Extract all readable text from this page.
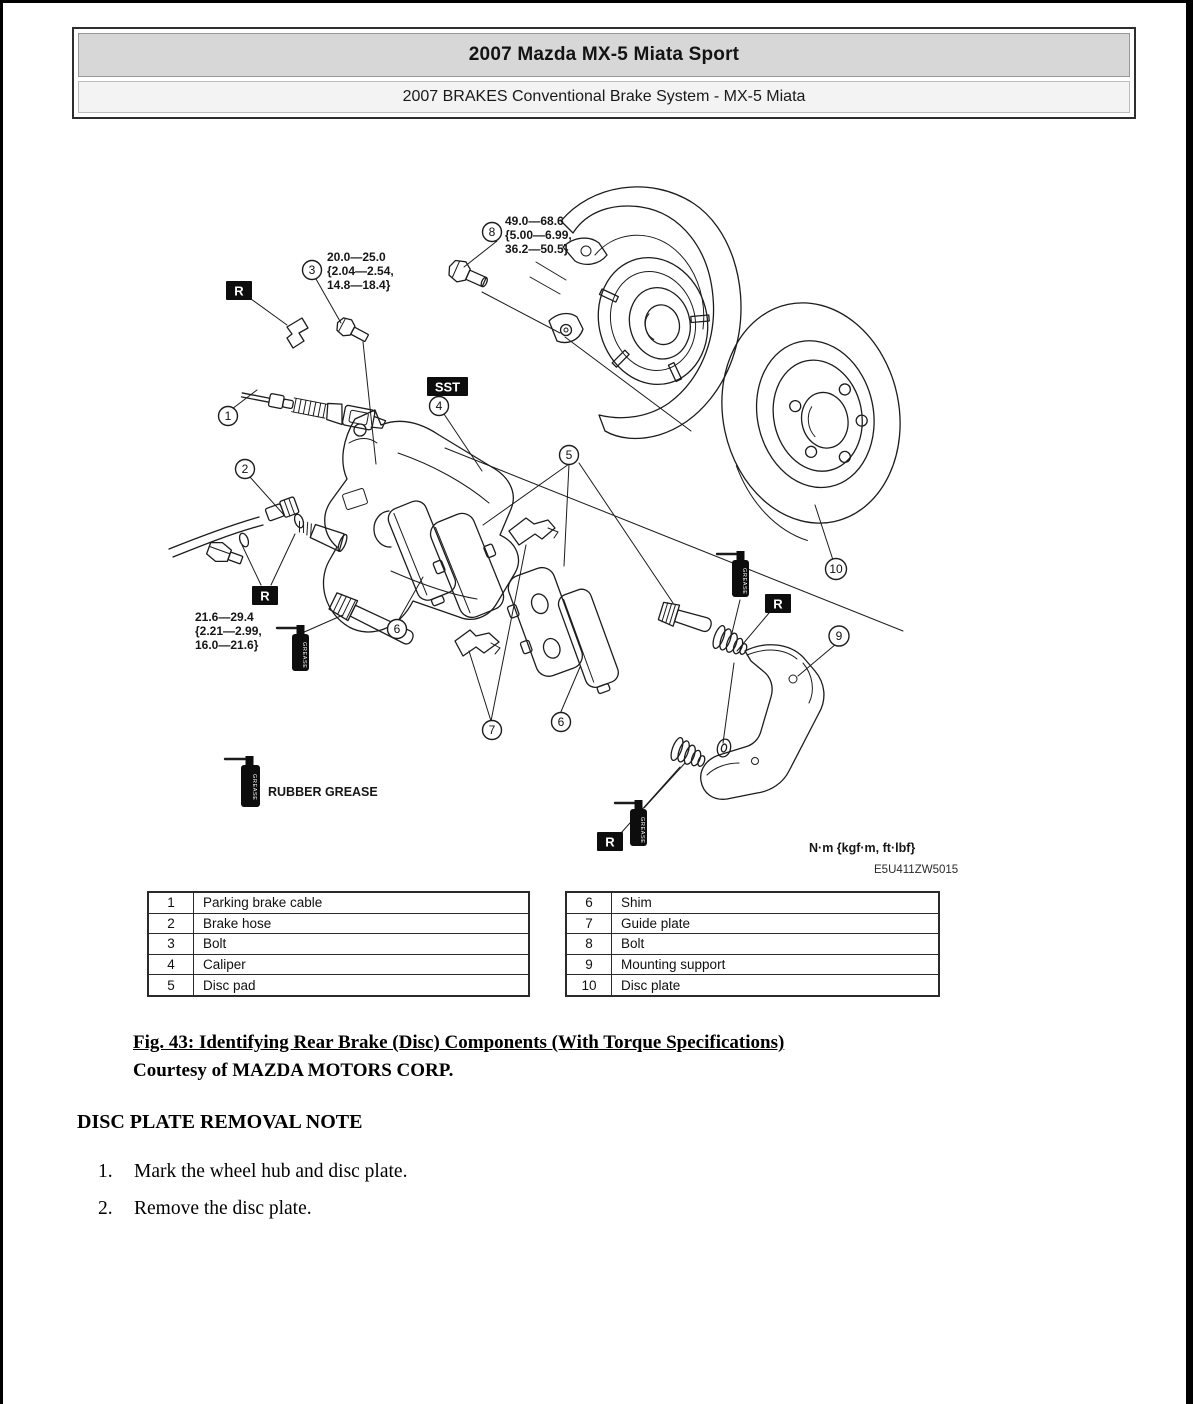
2007 Mazda MX-5 Miata Sport
2007 BRAKES Conventional Brake System - MX-5 Miata
R
R
R
R
SST
GREASE
GREASE
GREASE
GREASE RUBBER GREASE
20.0—25.0
{2.04—2.54,
14.8—18.4}
49.0—68.6
{5.00—6.99,
36.2—50.5}
21.6—29.4
{2.21—2.99,
16.0—21.6}
1
2
3
4
5
6
6
7
8
9
10
N·m {kgf·m, ft·lbf}
E5U411ZW5015
1	Parking brake cable
2	Brake hose
3	Bolt
4	Caliper
5	Disc pad
6	Shim
7	Guide plate
8	Bolt
9	Mounting support
10	Disc plate
Fig. 43: Identifying Rear Brake (Disc) Components (With Torque Specifications)
Courtesy of MAZDA MOTORS CORP.
DISC PLATE REMOVAL NOTE
1.	Mark the wheel hub and disc plate.
2.	Remove the disc plate.
